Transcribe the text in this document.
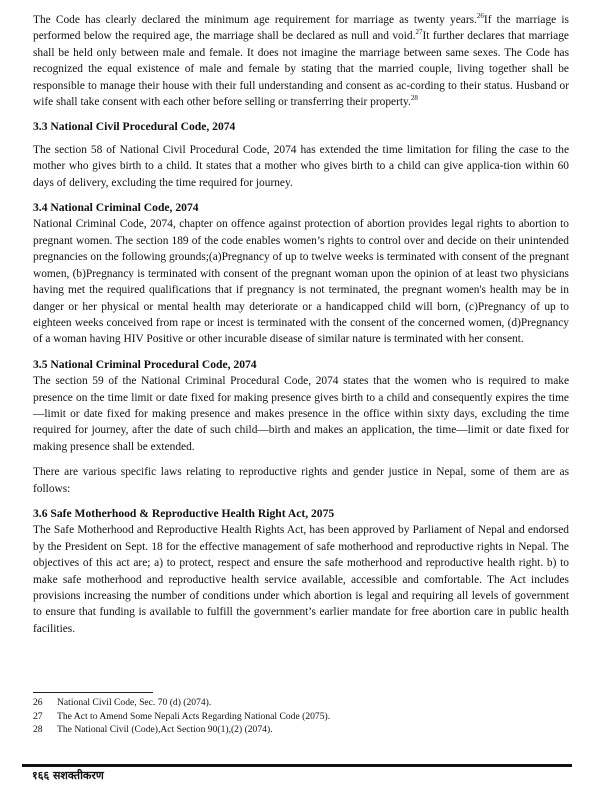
The Code has clearly declared the minimum age requirement for marriage as twenty years.$^{26}$If the marriage is performed below the required age, the marriage shall be declared as null and void.$^{27}$It further declares that marriage shall be held only between male and female. It does not imagine the marriage between same sexes. The Code has recognized the equal existence of male and female by stating that the married couple, living together shall be responsible to manage their house with their full understanding and consent as ac-cording to their status. Husband or wife shall take consent with each other before selling or transferring their property.$^{28}$

3.3 National Civil Procedural Code, 2074

The section 58 of National Civil Procedural Code, 2074 has extended the time limitation for filing the case to the mother who gives birth to a child. It states that a mother who gives birth to a child can give applica-tion within 60 days of delivery, excluding the time required for journey.

3.4 National Criminal Code, 2074

National Criminal Code, 2074, chapter on offence against protection of abortion provides legal rights to abortion to pregnant women. The section 189 of the code enables women’s rights to control over and decide on their unintended pregnancies on the following grounds;(a)Pregnancy of up to twelve weeks is terminated with consent of the pregnant women, (b)Pregnancy is terminated with consent of the pregnant woman upon the opinion of at least two physicians having met the required qualifications that if pregnancy is not terminated, the pregnant women's health may be in danger or her physical or mental health may deteriorate or a handicapped child will born, (c)Pregnancy of up to eighteen weeks conceived from rape or incest is terminated with the consent of the concerned women, (d)Pregnancy of a woman having HIV Positive or other incurable disease of similar nature is terminated with her consent.

3.5 National Criminal Procedural Code, 2074

The section 59 of the National Criminal Procedural Code, 2074 states that the women who is required to make presence on the time limit or date fixed for making presence gives birth to a child and consequently expires the time—limit or date fixed for making presence and makes presence in the office within sixty days, excluding the time required for journey, after the date of such child—birth and makes an application, the time—limit or date fixed for making presence shall be extended.

There are various specific laws relating to reproductive rights and gender justice in Nepal, some of them are as follows:

3.6 Safe Motherhood & Reproductive Health Right Act, 2075

The Safe Motherhood and Reproductive Health Rights Act, has been approved by Parliament of Nepal and endorsed by the President on Sept. 18 for the effective management of safe motherhood and reproductive rights in Nepal. The objectives of this act are; a) to protect, respect and ensure the safe motherhood and reproductive health right. b) to make safe motherhood and reproductive health service available, accessible and comfortable. The Act includes provisions increasing the number of conditions under which abortion is legal and requiring all levels of government to ensure that funding is available to fulfill the government’s earlier mandate for free abortion care in public health facilities.

26	National Civil Code, Sec. 70 (d) (2074).
27	The Act to Amend Some Nepali Acts Regarding National Code (2075).
28	The National Civil (Code),Act Section 90(1),(2) (2074).
१६६ सशक्तीकरण
